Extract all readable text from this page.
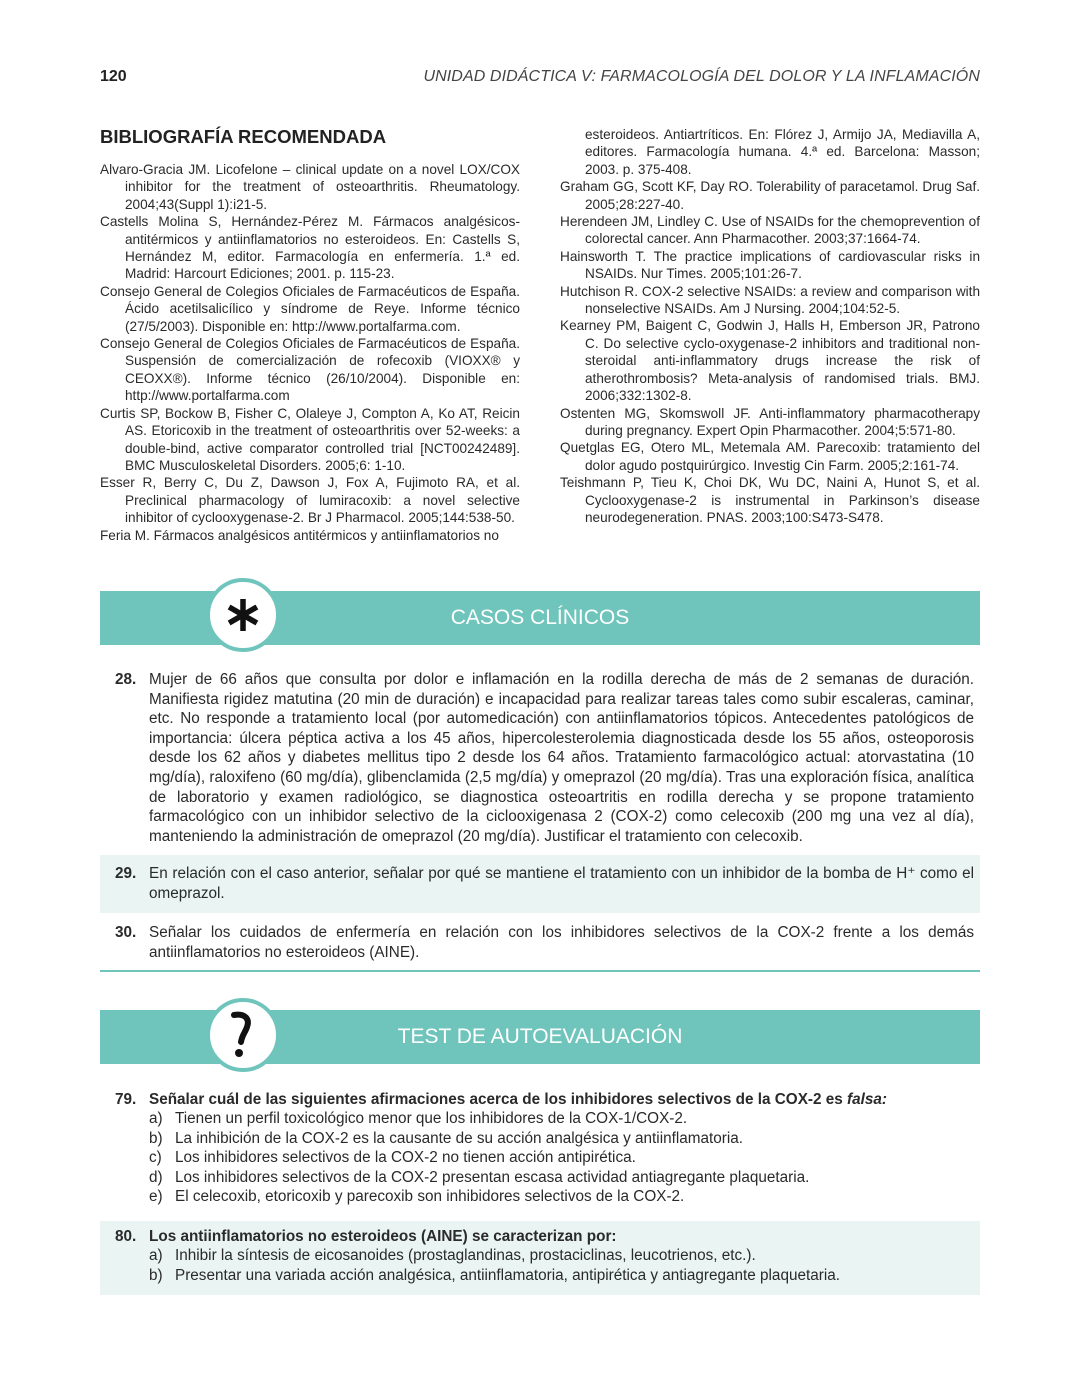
120	UNIDAD DIDÁCTICA V: FARMACOLOGÍA DEL DOLOR Y LA INFLAMACIÓN
BIBLIOGRAFÍA RECOMENDADA

Alvaro-Gracia JM. Licofelone – clinical update on a novel LOX/COX inhibitor for the treatment of osteoarthritis. Rheumatology. 2004;43(Suppl 1):i21-5.

Castells Molina S, Hernández-Pérez M. Fármacos analgésicos-antitérmicos y antiinflamatorios no esteroideos. En: Castells S, Hernández M, editor. Farmacología en enfermería. 1.ª ed. Madrid: Harcourt Ediciones; 2001. p. 115-23.

Consejo General de Colegios Oficiales de Farmacéuticos de España. Ácido acetilsalicílico y síndrome de Reye. Informe técnico (27/5/2003). Disponible en: http://www.portalfarma.com.

Consejo General de Colegios Oficiales de Farmacéuticos de España. Suspensión de comercialización de rofecoxib (VIOXX® y CEOXX®). Informe técnico (26/10/2004). Disponible en: http://www.portalfarma.com

Curtis SP, Bockow B, Fisher C, Olaleye J, Compton A, Ko AT, Reicin AS. Etoricoxib in the treatment of osteoarthritis over 52-weeks: a double-bind, active comparator controlled trial [NCT00242489]. BMC Musculoskeletal Disorders. 2005;6: 1-10.

Esser R, Berry C, Du Z, Dawson J, Fox A, Fujimoto RA, et al. Preclinical pharmacology of lumiracoxib: a novel selective inhibitor of cyclooxygenase-2. Br J Pharmacol. 2005;144:538-50.

Feria M. Fármacos analgésicos antitérmicos y antiinflamatorios no

esteroideos. Antiartríticos. En: Flórez J, Armijo JA, Mediavilla A, editores. Farmacología humana. 4.ª ed. Barcelona: Masson; 2003. p. 375-408.

Graham GG, Scott KF, Day RO. Tolerability of paracetamol. Drug Saf. 2005;28:227-40.

Herendeen JM, Lindley C. Use of NSAIDs for the chemoprevention of colorectal cancer. Ann Pharmacother. 2003;37:1664-74.

Hainsworth T. The practice implications of cardiovascular risks in NSAIDs. Nur Times. 2005;101:26-7.

Hutchison R. COX-2 selective NSAIDs: a review and comparison with nonselective NSAIDs. Am J Nursing. 2004;104:52-5.

Kearney PM, Baigent C, Godwin J, Halls H, Emberson JR, Patrono C. Do selective cyclo-oxygenase-2 inhibitors and traditional non-steroidal anti-inflammatory drugs increase the risk of atherothrombosis? Meta-analysis of randomised trials. BMJ. 2006;332:1302-8.

Ostenten MG, Skomswoll JF. Anti-inflammatory pharmacotherapy during pregnancy. Expert Opin Pharmacother. 2004;5:571-80.

Quetglas EG, Otero ML, Metemala AM. Parecoxib: tratamiento del dolor agudo postquirúrgico. Investig Cin Farm. 2005;2:161-74.

Teishmann P, Tieu K, Choi DK, Wu DC, Naini A, Hunot S, et al. Cyclooxygenase-2 is instrumental in Parkinson’s disease neurodegeneration. PNAS. 2003;100:S473-S478.

CASOS CLÍNICOS
28. Mujer de 66 años que consulta por dolor e inflamación en la rodilla derecha de más de 2 semanas de duración. Manifiesta rigidez matutina (20 min de duración) e incapacidad para realizar tareas tales como subir escaleras, caminar, etc. No responde a tratamiento local (por automedicación) con antiinflamatorios tópicos. Antecedentes patológicos de importancia: úlcera péptica activa a los 45 años, hipercolesterolemia diagnosticada desde los 55 años, osteoporosis desde los 62 años y diabetes mellitus tipo 2 desde los 64 años. Tratamiento farmacológico actual: atorvastatina (10 mg/día), raloxifeno (60 mg/día), glibenclamida (2,5 mg/día) y omeprazol (20 mg/día). Tras una exploración física, analítica de laboratorio y examen radiológico, se diagnostica osteoartritis en rodilla derecha y se propone tratamiento farmacológico con un inhibidor selectivo de la ciclooxigenasa 2 (COX-2) como celecoxib (200 mg una vez al día), manteniendo la administración de omeprazol (20 mg/día). Justificar el tratamiento con celecoxib.
29. En relación con el caso anterior, señalar por qué se mantiene el tratamiento con un inhibidor de la bomba de H⁺ como el omeprazol.
30. Señalar los cuidados de enfermería en relación con los inhibidores selectivos de la COX-2 frente a los demás antiinflamatorios no esteroideos (AINE).
TEST DE AUTOEVALUACIÓN
79. Señalar cuál de las siguientes afirmaciones acerca de los inhibidores selectivos de la COX-2 es falsa:
a) Tienen un perfil toxicológico menor que los inhibidores de la COX-1/COX-2.
b) La inhibición de la COX-2 es la causante de su acción analgésica y antiinflamatoria.
c) Los inhibidores selectivos de la COX-2 no tienen acción antipirética.
d) Los inhibidores selectivos de la COX-2 presentan escasa actividad antiagregante plaquetaria.
e) El celecoxib, etoricoxib y parecoxib son inhibidores selectivos de la COX-2.
80. Los antiinflamatorios no esteroideos (AINE) se caracterizan por:
a) Inhibir la síntesis de eicosanoides (prostaglandinas, prostaciclinas, leucotrienos, etc.).
b) Presentar una variada acción analgésica, antiinflamatoria, antipirética y antiagregante plaquetaria.
